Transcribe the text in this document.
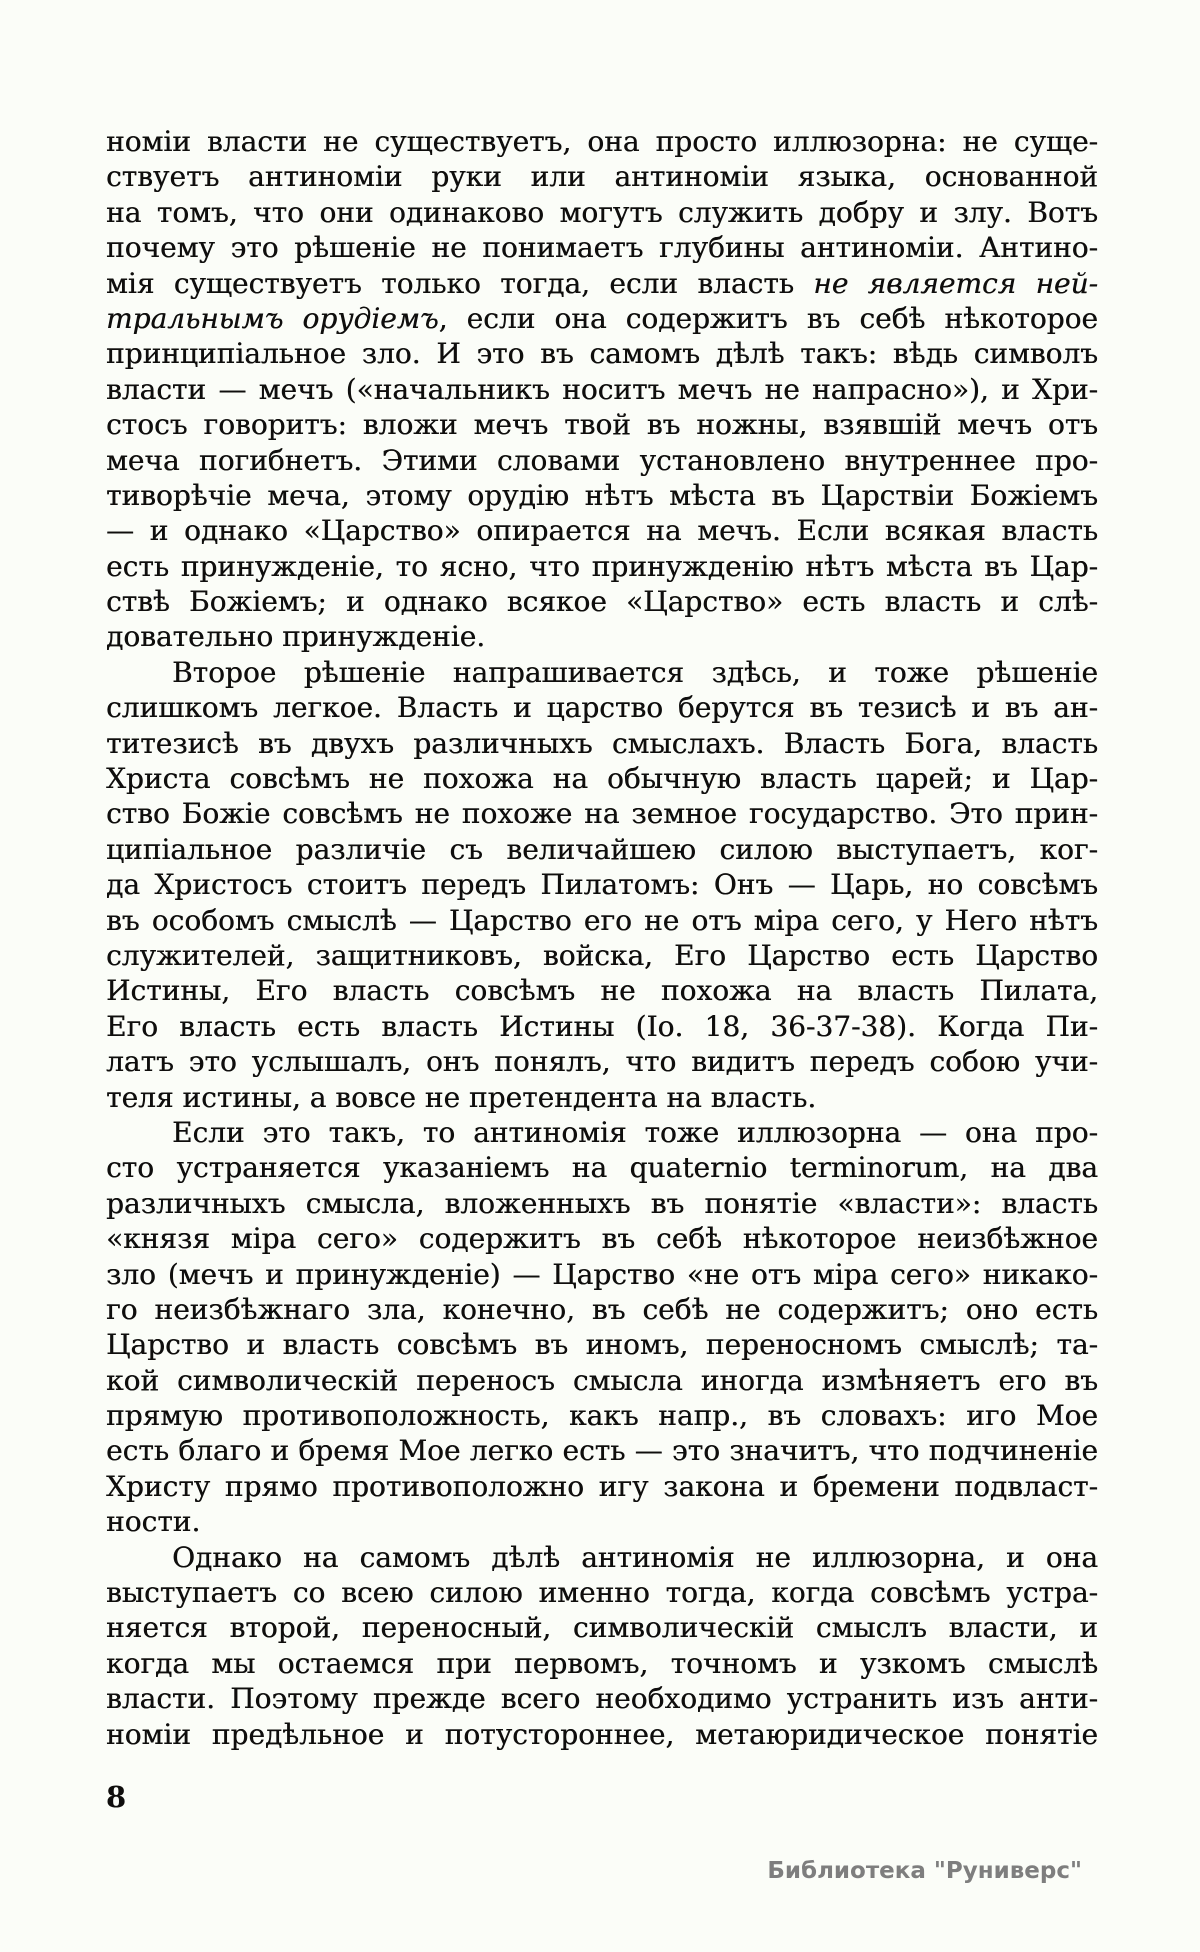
номіи власти не существуетъ, она просто иллюзорна: не суще-
ствуетъ антиноміи руки или антиноміи языка, основанной
на томъ, что они одинаково могутъ служить добру и злу. Вотъ
почему это рѣшеніе не понимаетъ глубины антиноміи. Антино-
мія существуетъ только тогда, если власть не является ней-
тральнымъ орудіемъ, если она содержитъ въ себѣ нѣкоторое
принципіальное зло. И это въ самомъ дѣлѣ такъ: вѣдь символъ
власти — мечъ («начальникъ носитъ мечъ не напрасно»), и Хри-
стосъ говоритъ: вложи мечъ твой въ ножны, взявшій мечъ отъ
меча погибнетъ. Этими словами установлено внутреннее про-
тиворѣчіе меча, этому орудію нѣтъ мѣста въ Царствіи Божіемъ
— и однако «Царство» опирается на мечъ. Если всякая власть
есть принужденіе, то ясно, что принужденію нѣтъ мѣста въ Цар-
ствѣ Божіемъ; и однако всякое «Царство» есть власть и слѣ-
довательно принужденіе.
Второе рѣшеніе напрашивается здѣсь, и тоже рѣшеніе
слишкомъ легкое. Власть и царство берутся въ тезисѣ и въ ан-
титезисѣ въ двухъ различныхъ смыслахъ. Власть Бога, власть
Христа совсѣмъ не похожа на обычную власть царей; и Цар-
ство Божіе совсѣмъ не похоже на земное государство. Это прин-
ципіальное различіе съ величайшею силою выступаетъ, ког-
да Христосъ стоитъ передъ Пилатомъ: Онъ — Царь, но совсѣмъ
въ особомъ смыслѣ — Царство его не отъ міра сего, у Него нѣтъ
служителей, защитниковъ, войска, Его Царство есть Царство
Истины, Его власть совсѣмъ не похожа на власть Пилата,
Его власть есть власть Истины (Іо. 18, 36-37-38). Когда Пи-
латъ это услышалъ, онъ понялъ, что видитъ передъ собою учи-
теля истины, а вовсе не претендента на власть.
Если это такъ, то антиномія тоже иллюзорна — она про-
сто устраняется указаніемъ на quaternio terminorum, на два
различныхъ смысла, вложенныхъ въ понятіе «власти»: власть
«князя міра сего» содержитъ въ себѣ нѣкоторое неизбѣжное
зло (мечъ и принужденіе) — Царство «не отъ міра сего» никако-
го неизбѣжнаго зла, конечно, въ себѣ не содержитъ; оно есть
Царство и власть совсѣмъ въ иномъ, переносномъ смыслѣ; та-
кой символическій переносъ смысла иногда измѣняетъ его въ
прямую противоположность, какъ напр., въ словахъ: иго Мое
есть благо и бремя Мое легко есть — это значитъ, что подчиненіе
Христу прямо противоположно игу закона и бремени подвласт-
ности.
Однако на самомъ дѣлѣ антиномія не иллюзорна, и она
выступаетъ со всею силою именно тогда, когда совсѣмъ устра-
няется второй, переносный, символическій смыслъ власти, и
когда мы остаемся при первомъ, точномъ и узкомъ смыслѣ
власти. Поэтому прежде всего необходимо устранить изъ анти-
номіи предѣльное и потустороннее, метаюридическое понятіе
8
Библиотека "Руниверс"
